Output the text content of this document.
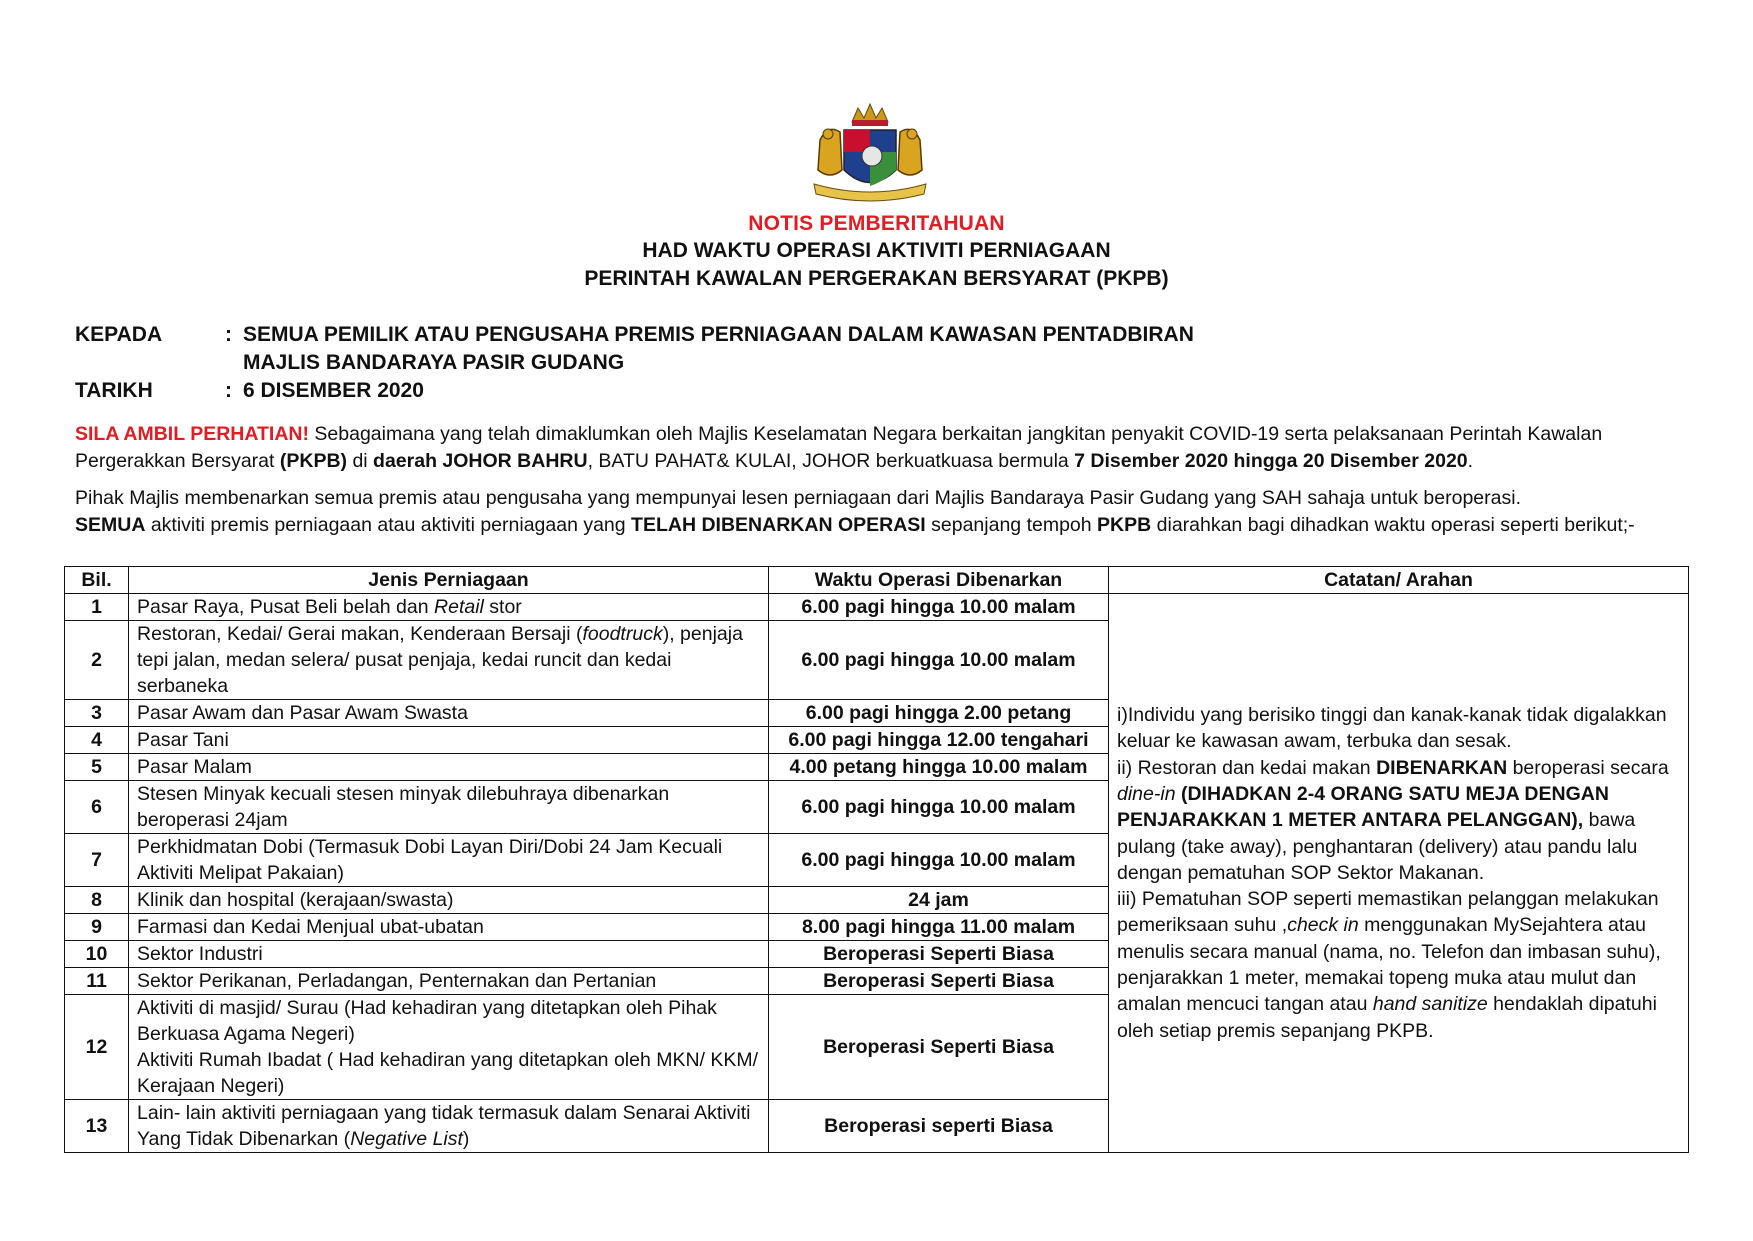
NOTIS PEMBERITAHUAN
HAD WAKTU OPERASI AKTIVITI PERNIAGAAN
PERINTAH KAWALAN PERGERAKAN BERSYARAT (PKPB)
KEPADA	: SEMUA PEMILIK ATAU PENGUSAHA PREMIS PERNIAGAAN DALAM KAWASAN PENTADBIRAN
MAJLIS BANDARAYA PASIR GUDANG
TARIKH	: 6 DISEMBER 2020
SILA AMBIL PERHATIAN! Sebagaimana yang telah dimaklumkan oleh Majlis Keselamatan Negara berkaitan jangkitan penyakit COVID-19 serta pelaksanaan Perintah Kawalan Pergerakkan Bersyarat (PKPB) di daerah JOHOR BAHRU, BATU PAHAT& KULAI, JOHOR berkuatkuasa bermula 7 Disember 2020 hingga 20 Disember 2020.
Pihak Majlis membenarkan semua premis atau pengusaha yang mempunyai lesen perniagaan dari Majlis Bandaraya Pasir Gudang yang SAH sahaja untuk beroperasi.
SEMUA aktiviti premis perniagaan atau aktiviti perniagaan yang TELAH DIBENARKAN OPERASI sepanjang tempoh PKPB diarahkan bagi dihadkan waktu operasi seperti berikut;-
Bil.	Jenis Perniagaan	Waktu Operasi Dibenarkan	Catatan/ Arahan
1	Pasar Raya, Pusat Beli belah dan Retail stor	6.00 pagi hingga 10.00 malam	i)Individu yang berisiko tinggi dan kanak-kanak tidak digalakkan keluar ke kawasan awam, terbuka dan sesak.
ii) Restoran dan kedai makan DIBENARKAN beroperasi secara dine-in (DIHADKAN 2-4 ORANG SATU MEJA DENGAN PENJARAKKAN 1 METER ANTARA PELANGGAN), bawa pulang (take away), penghantaran (delivery) atau pandu lalu dengan pematuhan SOP Sektor Makanan.
iii) Pematuhan SOP seperti memastikan pelanggan melakukan pemeriksaan suhu ,check in menggunakan MySejahtera atau menulis secara manual (nama, no. Telefon dan imbasan suhu), penjarakkan 1 meter, memakai topeng muka atau mulut dan amalan mencuci tangan atau hand sanitize hendaklah dipatuhi oleh setiap premis sepanjang PKPB.

2	Restoran, Kedai/ Gerai makan, Kenderaan Bersaji (foodtruck), penjaja tepi jalan, medan selera/ pusat penjaja, kedai runcit dan kedai serbaneka	6.00 pagi hingga 10.00 malam	
3	Pasar Awam dan Pasar Awam Swasta	6.00 pagi hingga 2.00 petang	
4	Pasar Tani	6.00 pagi hingga 12.00 tengahari	
5	Pasar Malam	4.00 petang hingga 10.00 malam	
6	Stesen Minyak kecuali stesen minyak dilebuhraya dibenarkan beroperasi 24jam	6.00 pagi hingga 10.00 malam	
7	Perkhidmatan Dobi (Termasuk Dobi Layan Diri/Dobi 24 Jam Kecuali Aktiviti Melipat Pakaian)	6.00 pagi hingga 10.00 malam	
8	Klinik dan hospital (kerajaan/swasta)	24 jam	
9	Farmasi dan Kedai Menjual ubat-ubatan	8.00 pagi hingga 11.00 malam	
10	Sektor Industri	Beroperasi Seperti Biasa	
11	Sektor Perikanan, Perladangan, Penternakan dan Pertanian	Beroperasi Seperti Biasa	
12	Aktiviti di masjid/ Surau (Had kehadiran yang ditetapkan oleh Pihak Berkuasa Agama Negeri)
Aktiviti Rumah Ibadat ( Had kehadiran yang ditetapkan oleh MKN/ KKM/ Kerajaan Negeri)	Beroperasi Seperti Biasa	
13	Lain- lain aktiviti perniagaan yang tidak termasuk dalam Senarai Aktiviti Yang Tidak Dibenarkan (Negative List)	Beroperasi seperti Biasa	
